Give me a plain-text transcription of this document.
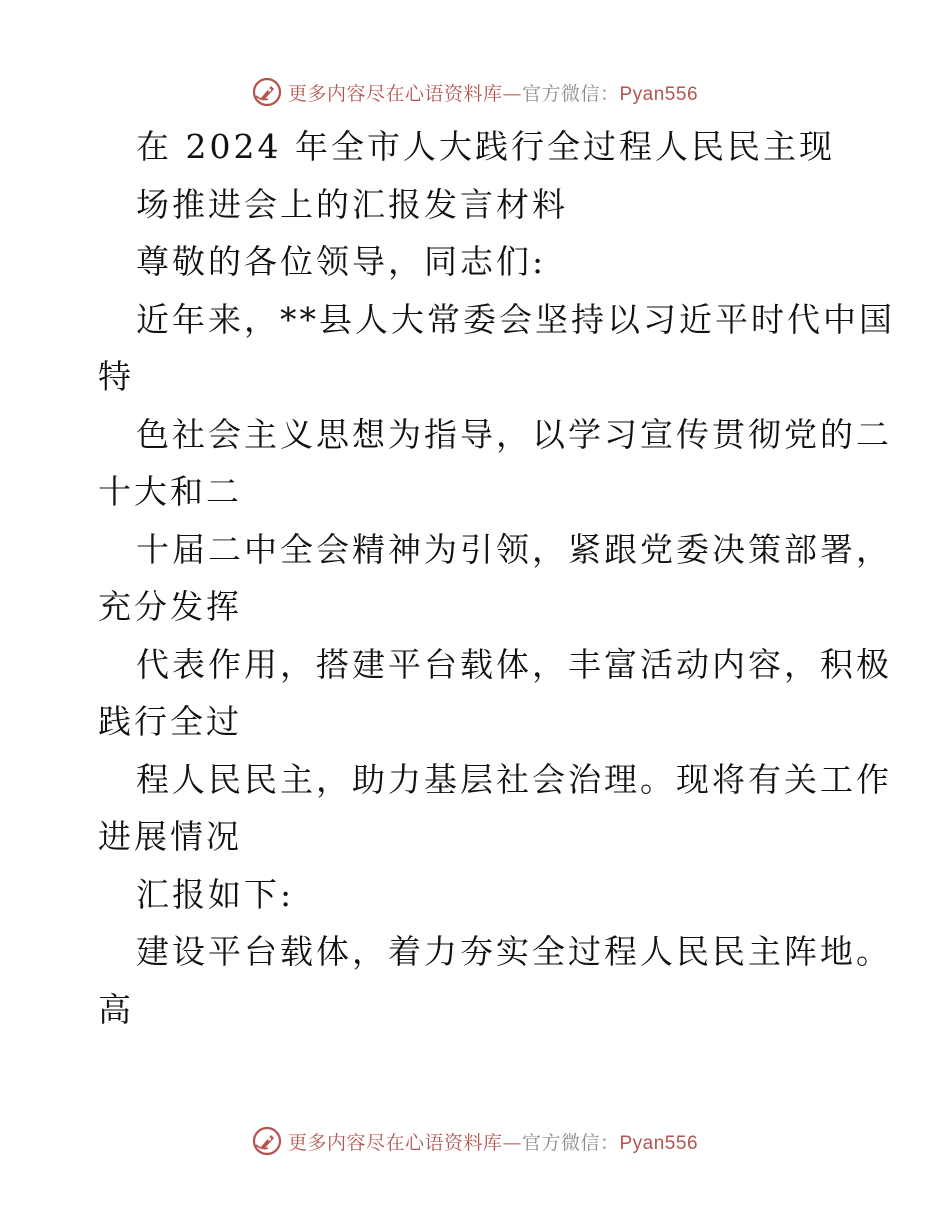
更多内容尽在心语资料库—官方微信：Pyan556
在 2024 年全市人大践行全过程人民民主现
场推进会上的汇报发言材料
尊敬的各位领导，同志们:
近年来，**县人大常委会坚持以习近平时代中国
特
色社会主义思想为指导，以学习宣传贯彻党的二
十大和二
十届二中全会精神为引领，紧跟党委决策部署，
充分发挥
代表作用，搭建平台载体，丰富活动内容，积极
践行全过
程人民民主，助力基层社会治理。现将有关工作
进展情况
汇报如下:
建设平台载体，着力夯实全过程人民民主阵地。
高
更多内容尽在心语资料库—官方微信：Pyan556
